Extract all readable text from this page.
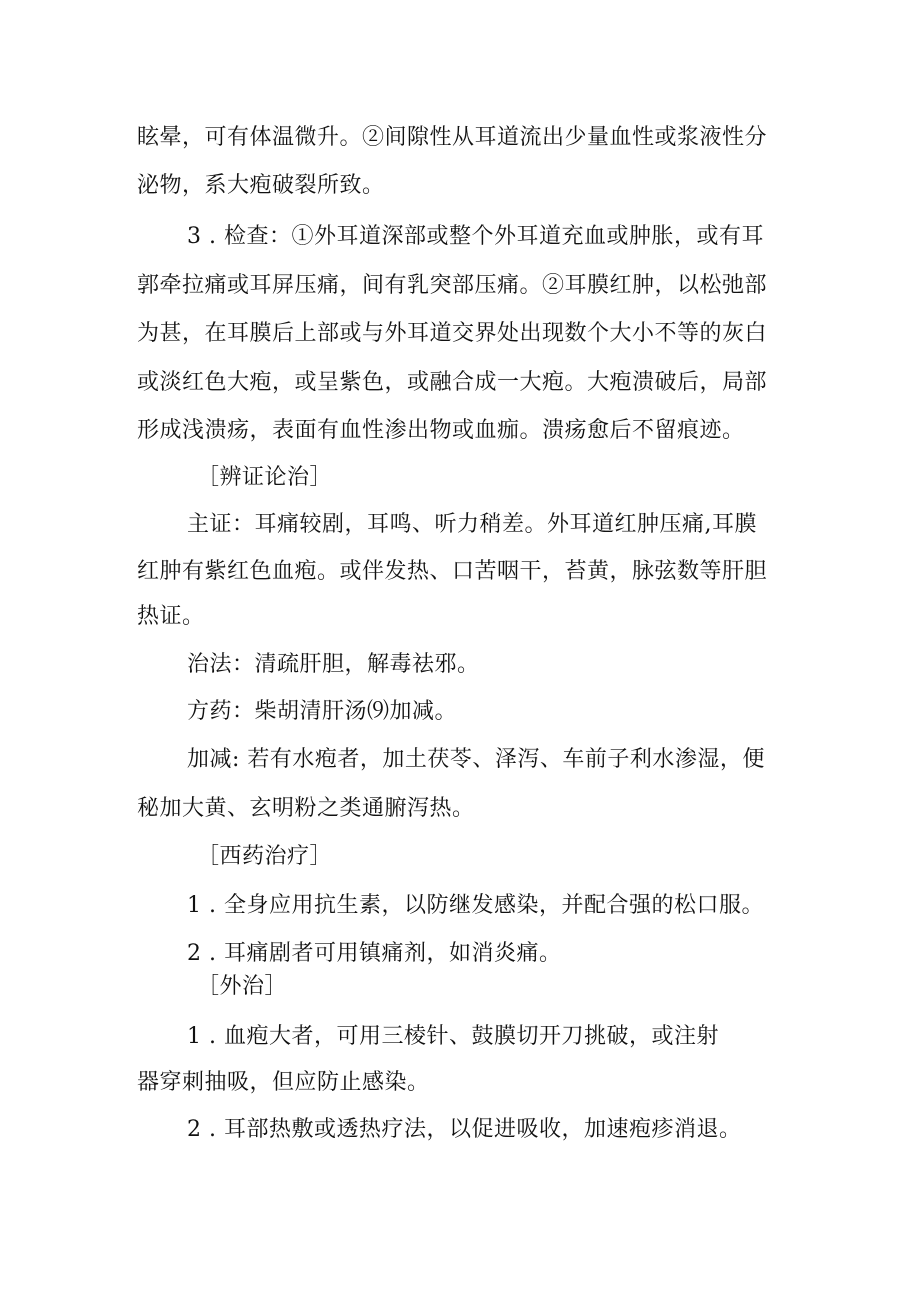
眩晕，可有体温微升。②间隙性从耳道流出少量血性或浆液性分
泌物，系大疱破裂所致。
3 . 检查：①外耳道深部或整个外耳道充血或肿胀，或有耳
郭牵拉痛或耳屏压痛，间有乳突部压痛。②耳膜红肿，以松弛部
为甚，在耳膜后上部或与外耳道交界处出现数个大小不等的灰白
或淡红色大疱，或呈紫色，或融合成一大疱。大疱溃破后，局部
形成浅溃疡，表面有血性渗出物或血痂。溃疡愈后不留痕迹。
［辨证论治］
主证：耳痛较剧，耳鸣、听力稍差。外耳道红肿压痛,耳膜
红肿有紫红色血疱。或伴发热、口苦咽干，苔黄，脉弦数等肝胆
热证。
治法：清疏肝胆，解毒祛邪。
方药：柴胡清肝汤⑼加减。
加减: 若有水疱者，加土茯苓、泽泻、车前子利水渗湿，便
秘加大黄、玄明粉之类通腑泻热。
［西药治疗］
1 . 全身应用抗生素，以防继发感染，并配合强的松口服。
2 . 耳痛剧者可用镇痛剂，如消炎痛。
［外治］
1 . 血疱大者，可用三棱针、鼓膜切开刀挑破，或注射
器穿刺抽吸，但应防止感染。
2 . 耳部热敷或透热疗法，以促进吸收，加速疱疹消退。
